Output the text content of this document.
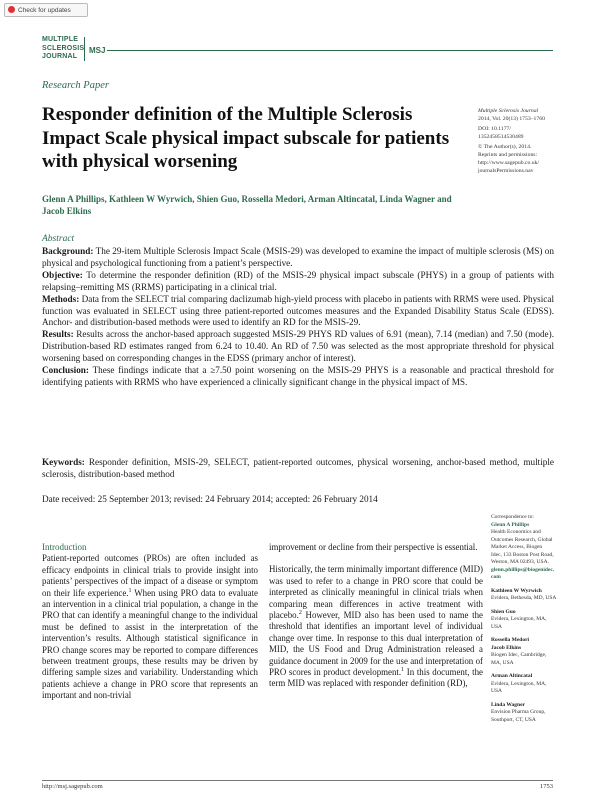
Check for updates
MULTIPLE
SCLEROSIS
JOURNAL
MSJ
Research Paper
Responder definition of the Multiple Sclerosis Impact Scale physical impact subscale for patients with physical worsening
Multiple Sclerosis Journal
2014, Vol. 20(13) 1753–1760
DOI: 10.1177/
1352458514530489
© The Author(s), 2014.
Reprints and permissions:
http://www.sagepub.co.uk/
journalsPermissions.nav
Glenn A Phillips, Kathleen W Wyrwich, Shien Guo, Rossella Medori, Arman Altincatal, Linda Wagner and Jacob Elkins
Abstract

Background: The 29-item Multiple Sclerosis Impact Scale (MSIS-29) was developed to examine the impact of multiple sclerosis (MS) on physical and psychological functioning from a patient’s perspective.

Objective: To determine the responder definition (RD) of the MSIS-29 physical impact subscale (PHYS) in a group of patients with relapsing–remitting MS (RRMS) participating in a clinical trial.

Methods: Data from the SELECT trial comparing daclizumab high-yield process with placebo in patients with RRMS were used. Physical function was evaluated in SELECT using three patient-reported outcomes measures and the Expanded Disability Status Scale (EDSS). Anchor- and distribution-based methods were used to identify an RD for the MSIS-29.

Results: Results across the anchor-based approach suggested MSIS-29 PHYS RD values of 6.91 (mean), 7.14 (median) and 7.50 (mode). Distribution-based RD estimates ranged from 6.24 to 10.40. An RD of 7.50 was selected as the most appropriate threshold for physical worsening based on corresponding changes in the EDSS (primary anchor of interest).

Conclusion: These findings indicate that a ≥7.50 point worsening on the MSIS-29 PHYS is a reasonable and practical threshold for identifying patients with RRMS who have experienced a clinically significant change in the physical impact of MS.

Keywords: Responder definition, MSIS-29, SELECT, patient-reported outcomes, physical worsening, anchor-based method, multiple sclerosis, distribution-based method
Date received: 25 September 2013; revised: 24 February 2014; accepted: 26 February 2014
Introduction

Patient-reported outcomes (PROs) are often included as efficacy endpoints in clinical trials to provide insight into patients’ perspectives of the impact of a disease or symptom on their life experience.$^1$ When using PRO data to evaluate an intervention in a clinical trial population, a change in the PRO that can identify a meaningful change to the individual must be defined to assist in the interpretation of the intervention’s results. Although statistical significance in PRO change scores may be reported to compare differences between treatment groups, these results may be driven by differing sample sizes and variability. Understanding which patients achieve a change in PRO score that represents an important and non-trivial

improvement or decline from their perspective is essential.

Historically, the term minimally important difference (MID) was used to refer to a change in PRO score that could be interpreted as clinically meaningful in clinical trials when comparing mean differences in active treatment with placebo.$^2$ However, MID also has been used to name the threshold that identifies an important level of individual change over time. In response to this dual interpretation of MID, the US Food and Drug Administration released a guidance document in 2009 for the use and interpretation of PRO scores in product development.$^1$ In this document, the term MID was replaced with responder definition (RD),

Correspondence to:
Glenn A Phillips
Health Economics and
Outcomes Research, Global
Market Access, Biogen
Idec, 133 Boston Post Road,
Weston, MA 02493, USA.
glenn.phillips@biogenidec.
com
Kathleen W Wyrwich
Evidera, Bethesda, MD, USA
Shien Guo
Evidera, Lexington, MA,
USA
Rossella Medori
Jacob Elkins
Biogen Idec, Cambridge,
MA, USA
Arman Altincatal
Evidera, Lexington, MA,
USA
Linda Wagner
Envision Pharma Group,
Southport, CT, USA
http://msj.sagepub.com	1753
